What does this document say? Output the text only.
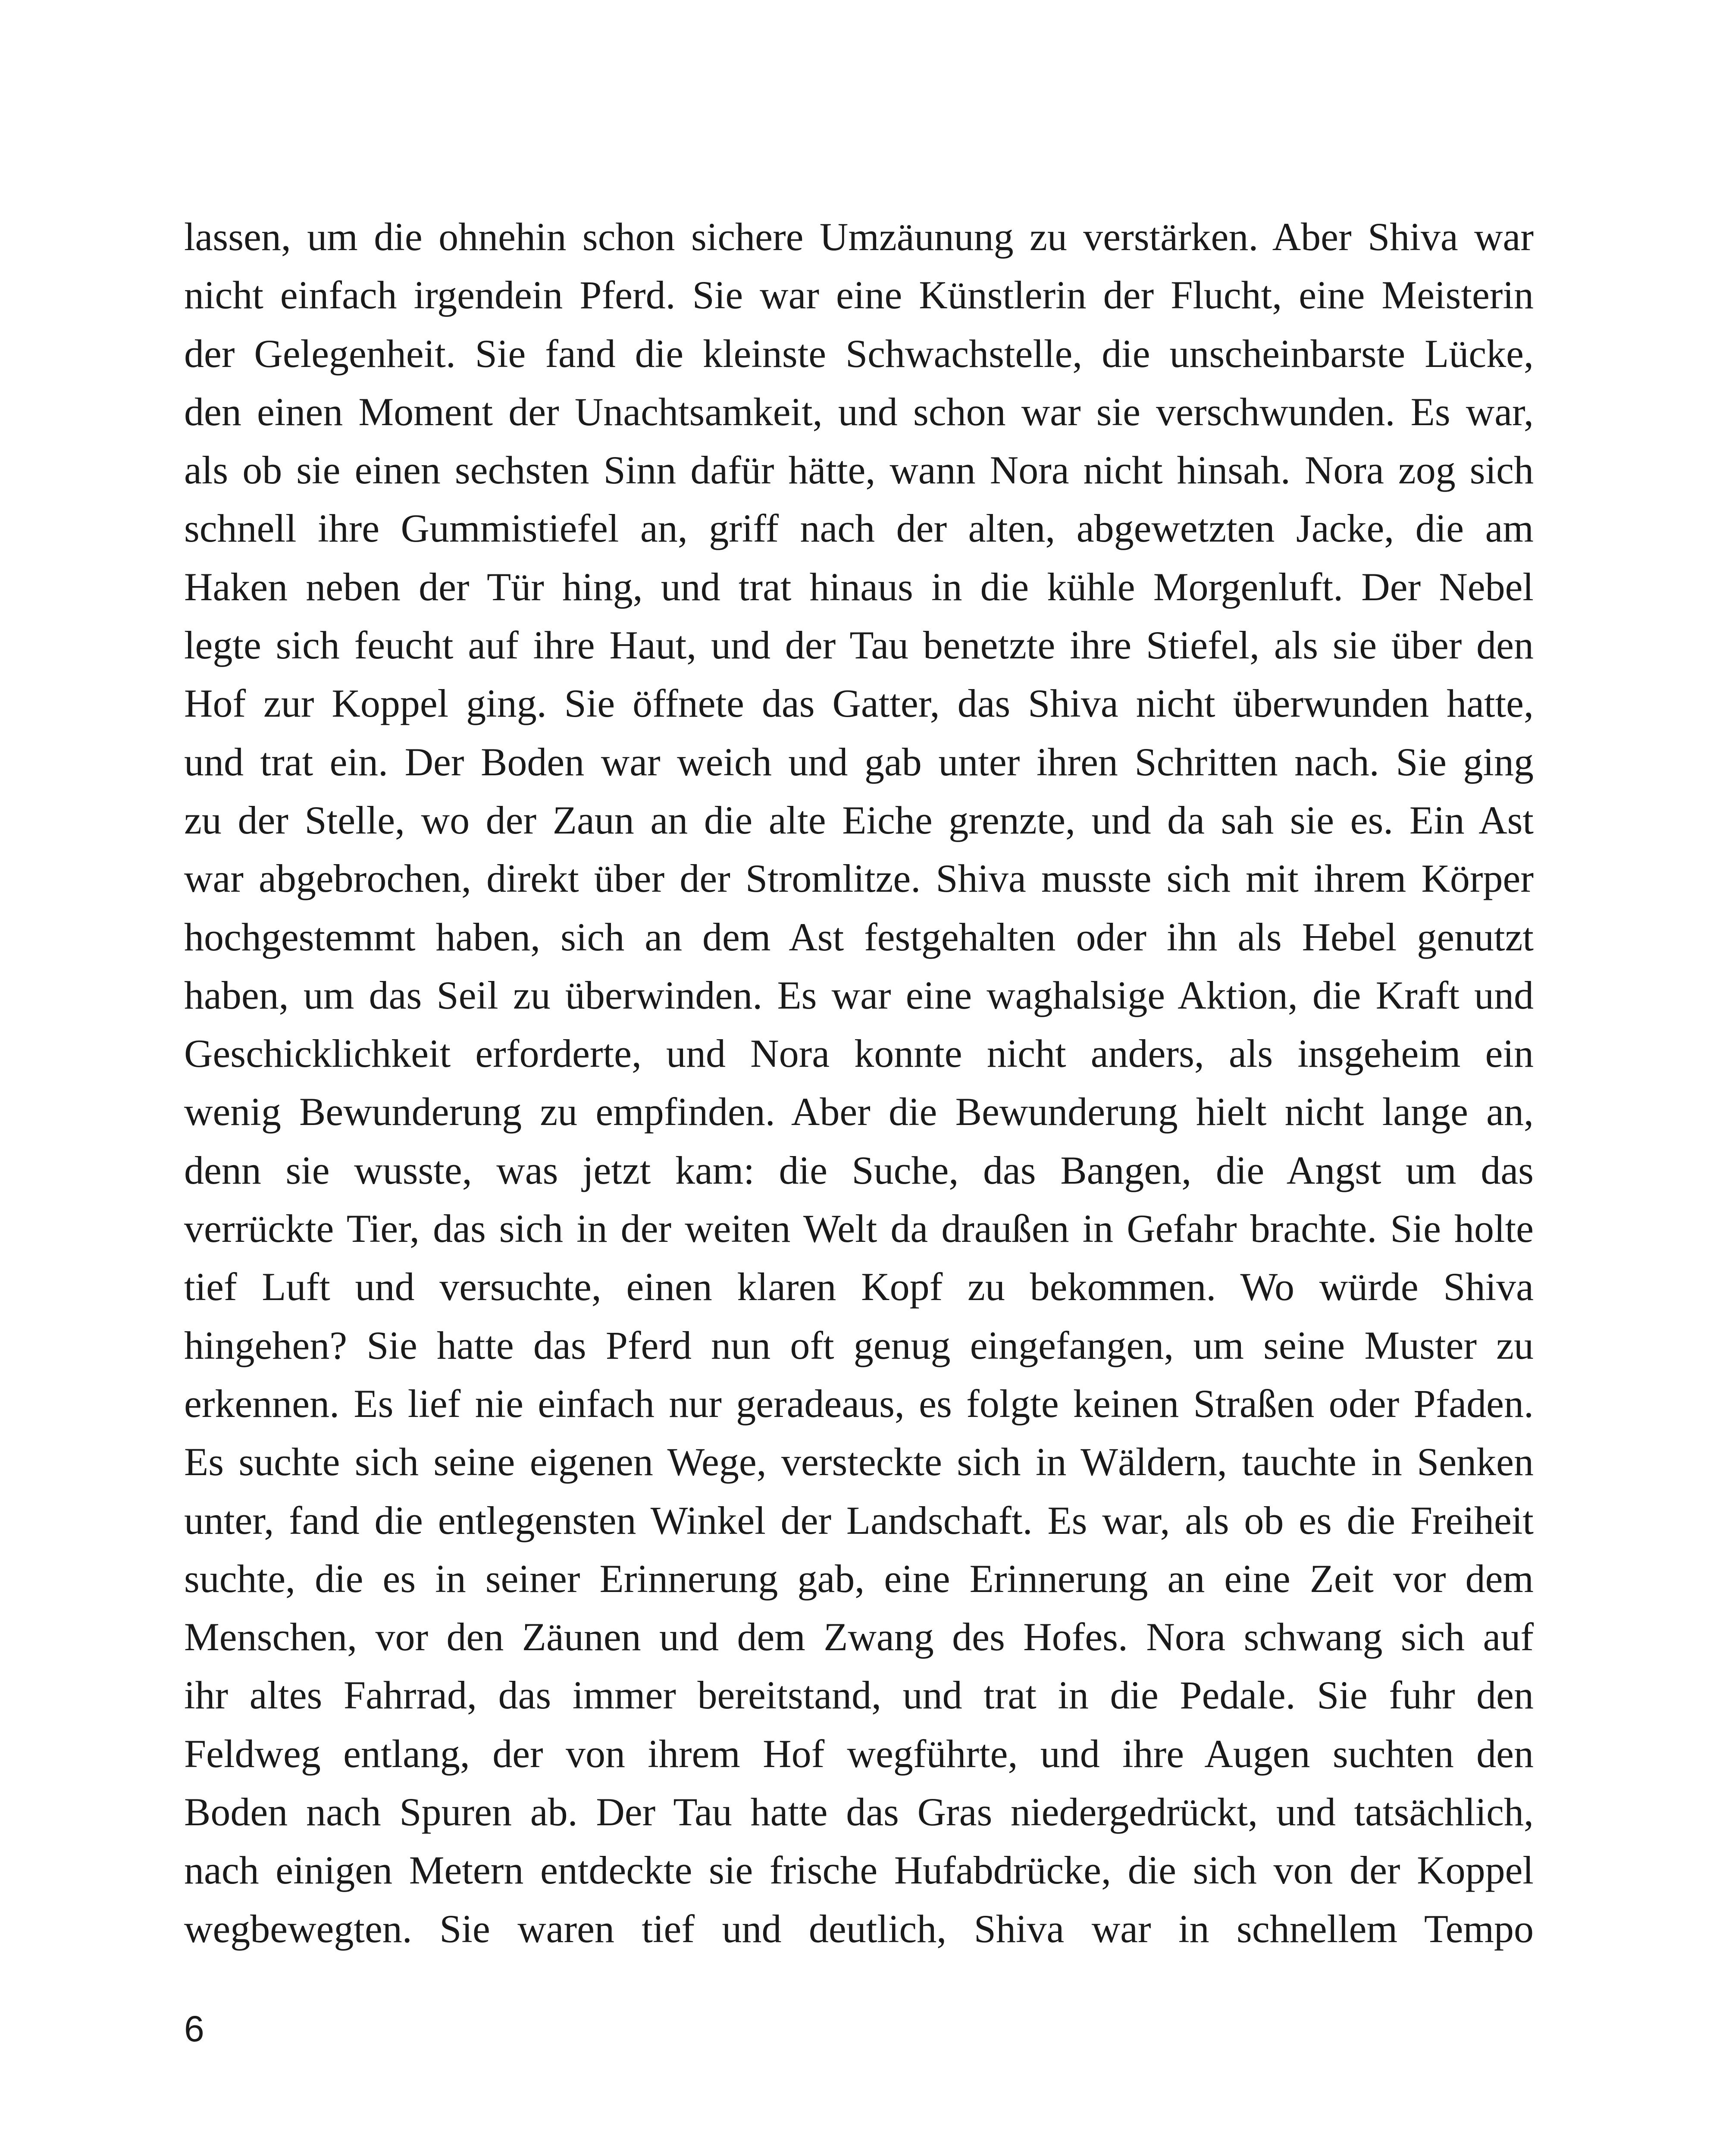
lassen, um die ohnehin schon sichere Umzäunung zu verstärken. Aber Shiva war
nicht einfach irgendein Pferd. Sie war eine Künstlerin der Flucht, eine Meisterin
der Gelegenheit. Sie fand die kleinste Schwachstelle, die unscheinbarste Lücke,
den einen Moment der Unachtsamkeit, und schon war sie verschwunden. Es war,
als ob sie einen sechsten Sinn dafür hätte, wann Nora nicht hinsah. Nora zog sich
schnell ihre Gummistiefel an, griff nach der alten, abgewetzten Jacke, die am
Haken neben der Tür hing, und trat hinaus in die kühle Morgenluft. Der Nebel
legte sich feucht auf ihre Haut, und der Tau benetzte ihre Stiefel, als sie über den
Hof zur Koppel ging. Sie öffnete das Gatter, das Shiva nicht überwunden hatte,
und trat ein. Der Boden war weich und gab unter ihren Schritten nach. Sie ging
zu der Stelle, wo der Zaun an die alte Eiche grenzte, und da sah sie es. Ein Ast
war abgebrochen, direkt über der Stromlitze. Shiva musste sich mit ihrem Körper
hochgestemmt haben, sich an dem Ast festgehalten oder ihn als Hebel genutzt
haben, um das Seil zu überwinden. Es war eine waghalsige Aktion, die Kraft und
Geschicklichkeit erforderte, und Nora konnte nicht anders, als insgeheim ein
wenig Bewunderung zu empfinden. Aber die Bewunderung hielt nicht lange an,
denn sie wusste, was jetzt kam: die Suche, das Bangen, die Angst um das
verrückte Tier, das sich in der weiten Welt da draußen in Gefahr brachte. Sie holte
tief Luft und versuchte, einen klaren Kopf zu bekommen. Wo würde Shiva
hingehen? Sie hatte das Pferd nun oft genug eingefangen, um seine Muster zu
erkennen. Es lief nie einfach nur geradeaus, es folgte keinen Straßen oder Pfaden.
Es suchte sich seine eigenen Wege, versteckte sich in Wäldern, tauchte in Senken
unter, fand die entlegensten Winkel der Landschaft. Es war, als ob es die Freiheit
suchte, die es in seiner Erinnerung gab, eine Erinnerung an eine Zeit vor dem
Menschen, vor den Zäunen und dem Zwang des Hofes. Nora schwang sich auf
ihr altes Fahrrad, das immer bereitstand, und trat in die Pedale. Sie fuhr den
Feldweg entlang, der von ihrem Hof wegführte, und ihre Augen suchten den
Boden nach Spuren ab. Der Tau hatte das Gras niedergedrückt, und tatsächlich,
nach einigen Metern entdeckte sie frische Hufabdrücke, die sich von der Koppel
wegbewegten. Sie waren tief und deutlich, Shiva war in schnellem Tempo
6
